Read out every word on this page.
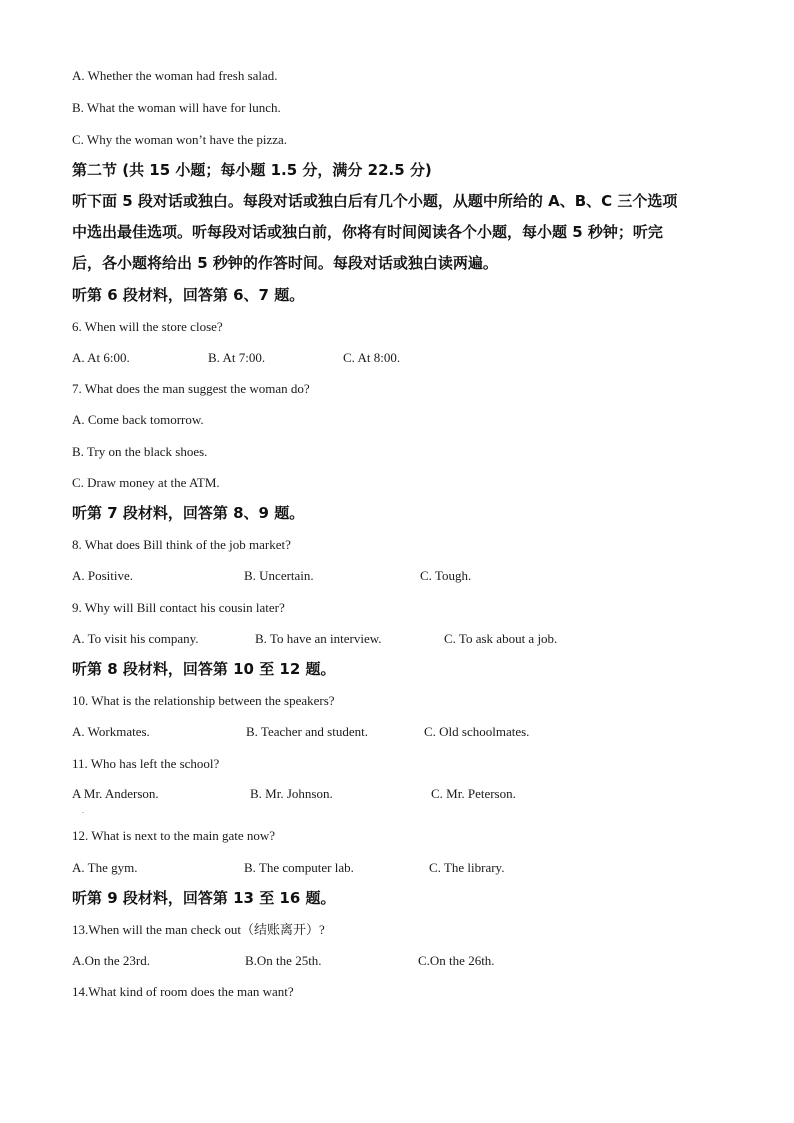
A. Whether the woman had fresh salad.
B. What the woman will have for lunch.
C. Why the woman won’t have the pizza.
第二节 (共 15 小题；每小题 1.5 分，满分 22.5 分)
听下面 5 段对话或独白。每段对话或独白后有几个小题，从题中所给的 A、B、C 三个选项
中选出最佳选项。听每段对话或独白前，你将有时间阅读各个小题，每小题 5 秒钟；听完
后，各小题将给出 5 秒钟的作答时间。每段对话或独白读两遍。
听第 6 段材料，回答第 6、7 题。
6. When will the store close?
A. At 6:00.	B. At 7:00.	C. At 8:00.
7. What does the man suggest the woman do?
A. Come back tomorrow.
B. Try on the black shoes.
C. Draw money at the ATM.
听第 7 段材料，回答第 8、9 题。
8. What does Bill think of the job market?
A. Positive.	B. Uncertain.	C. Tough.
9. Why will Bill contact his cousin later?
A. To visit his company.	B. To have an interview.	C. To ask about a job.
听第 8 段材料，回答第 10 至 12 题。
10. What is the relationship between the speakers?
A. Workmates.	B. Teacher and student.	C. Old schoolmates.
11. Who has left the school?
A Mr. Anderson.	B. Mr. Johnson.	C. Mr. Peterson.
.
12. What is next to the main gate now?
A. The gym.	B. The computer lab.	C. The library.
听第 9 段材料，回答第 13 至 16 题。
13.When will the man check out（结账离开）?
A.On the 23rd.	B.On the 25th.	C.On the 26th.
14.What kind of room does the man want?
